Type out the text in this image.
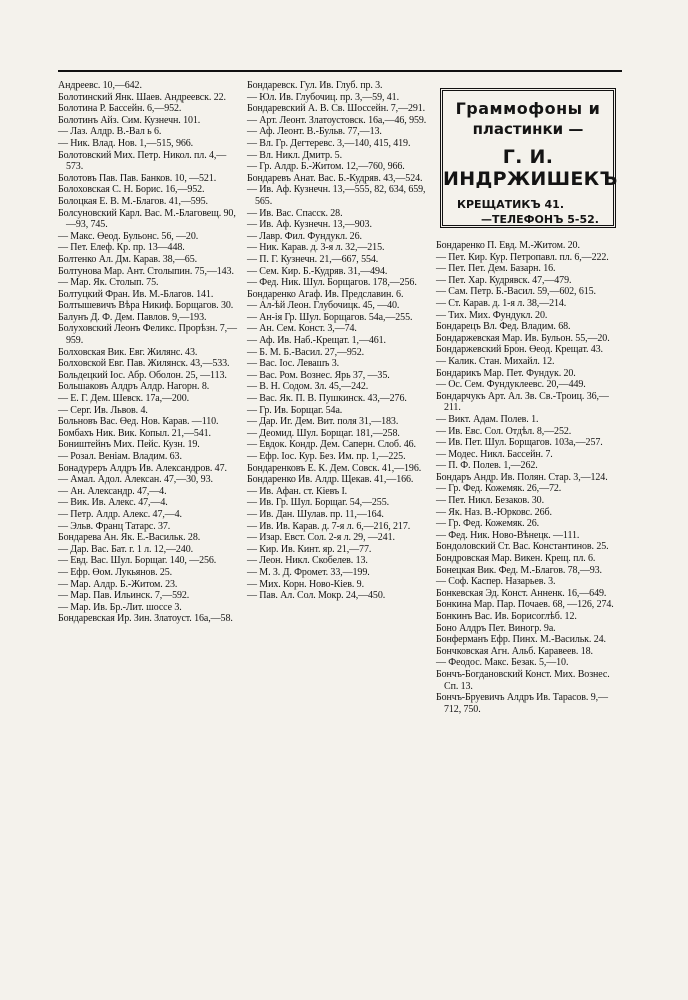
Андреевс. 10,—642.
Болотинский Янк. Шаев. Андреевск. 22.
Болотина Р. Бассейн. 6,—952.
Болотинъ Айз. Сим. Кузнечн. 101.
— Лаз. Алдр. В.-Вал ь 6.
— Ник. Влад. Нов. 1,—515, 966.
Болотовский Мих. Петр. Никол. пл. 4,—573.
Болотовъ Пав. Пав. Банков. 10, —521.
Болоховская С. Н. Борис. 16,—952.
Болоцкая Е. В. М.-Благов. 41,—595.
Болсуновский Карл. Вас. М.-Благовещ. 90,—93, 745.
— Макс. Өеод. Бульонс. 56, —20.
— Пет. Елеф. Кр. пр. 13—448.
Болтенко Ал. Дм. Карав. 38,—65.
Болтунова Мар. Ант. Столыпин. 75,—143.
— Мар. Як. Столып. 75.
Болтуцкий Фран. Ив. М.-Благов. 141.
Болтышевичъ Вѣра Никиф. Борщагов. 30.
Балунъ Д. Ф. Дем. Павлов. 9,—193.
Болуховский Леонъ Феликс. Прорѣзн. 7,—959.
Болховская Вик. Евг. Жилянс. 43.
Болховской Евг. Пав. Жилянск. 43,—533.
Больдецкий Іос. Абр. Оболон. 25, —113.
Большаковъ Алдръ Алдр. Нагорн. 8.
— Е. Г. Дем. Шевск. 17а,—200.
— Серг. Ив. Львов. 4.
Больновъ Вас. Өед. Нов. Карав. —110.
Бомбахъ Ник. Вик. Копыл. 21,—541.
Боништейнъ Мих. Пейс. Кузн. 19.
— Розал. Веніам. Владим. 63.
Бонадуреръ Алдръ Ив. Александров. 47.
— Амал. Адол. Алексан. 47,—30, 93.
— Ан. Александр. 47,—4.
— Вик. Ив. Алекс. 47,—4.
— Петр. Алдр. Алекс. 47,—4.
— Эльв. Франц Татарс. 37.
Бондарева Ан. Як. Е.-Васильк. 28.
— Дар. Вас. Бат. г. 1 л. 12,—240.
— Евд. Вас. Шул. Борщаг. 140, —256.
— Ефр. Өом. Лукьянов. 25.
— Мар. Алдр. Б.-Житом. 23.
— Мар. Пав. Ильинск. 7,—592.
— Мар. Ив. Бр.-Лит. шоссе 3.
Бондаревская Ир. Зин. Златоуст. 16а,—58.
Бондаревск. Гул. Ив. Глуб. пр. 3.
— Юл. Ив. Глубочиц. пр. 3,—59, 41.
Бондаревский А. В. Св. Шоссейн. 7,—291.
— Арт. Леонт. Златоустовск. 16а,—46, 959.
— Аф. Леонт. В.-Бульв. 77,—13.
— Вл. Гр. Дегтеревс. 3,—140, 415, 419.
— Вл. Никл. Дмитр. 5.
— Гр. Алдр. Б.-Житом. 12,—760, 966.
Бондаревъ Анат. Вас. Б.-Кудряв. 43,—524.
— Ив. Аф. Кузнечн. 13,—555, 82, 634, 659, 565.
— Ив. Вас. Спасск. 28.
— Ив. Аф. Кузнечн. 13,—903.
— Лавр. Фил. Фундукл. 26.
— Ник. Карав. д. 3-я л. 32,—215.
— П. Г. Кузнечн. 21,—667, 554.
— Сем. Кир. Б.-Кудряв. 31,—494.
— Фед. Ник. Шул. Борщагов. 178,—256.
Бондаренко Агаф. Ив. Предславин. 6.
— Ал-ѣй Леон. Глубочицк. 45, —40.
— Ан-ія Гр. Шул. Борщагов. 54а,—255.
— Ан. Сем. Конст. 3,—74.
— Аф. Ив. Наб.-Крещат. 1,—461.
— Б. М. Б.-Васил. 27,—952.
— Вас. Іос. Левашъ 3.
— Вас. Ром. Вознес. Ярь 37, —35.
— В. Н. Содом. Зл. 45,—242.
— Вас. Як. П. В. Пушкинск. 43,—276.
— Гр. Ив. Борщаг. 54а.
— Дар. Иг. Дем. Вит. поля 31,—183.
— Деомид. Шул. Борщаг. 181,—258.
— Евдок. Кондр. Дем. Саперн. Слоб. 46.
— Ефр. Іос. Кур. Без. Им. пр. 1,—225.
Бондаренковъ Е. К. Дем. Совск. 41,—196.
Бондаренко Ив. Алдр. Щекав. 41,—166.
— Ив. Афан. ст. Кіевъ I.
— Ив. Гр. Шул. Борщаг. 54,—255.
— Ив. Дан. Шулав. пр. 11,—164.
— Ив. Ив. Карав. д. 7-я л. 6,—216, 217.
— Изар. Евст. Сол. 2-я л. 29, —241.
— Кир. Ив. Кинт. яр. 21,—77.
— Леон. Никл. Скобелев. 13.
— М. З. Д. Фромет. 33,—199.
— Мих. Корн. Ново-Кіев. 9.
— Пав. Ал. Сол. Мокр. 24,—450.
Граммофоны и
пластинки —
Г. И. ИНДРЖИШЕКЪ
КРЕЩАТИКЪ 41.
—ТЕЛЕФОНЪ 5-52.
Бондаренко П. Евд. М.-Житом. 20.
— Пет. Кир. Кур. Петропавл. пл. 6,—222.
— Пет. Пет. Дем. Базарн. 16.
— Пет. Хар. Кудрявск. 47,—479.
— Сам. Петр. Б.-Васил. 59,—602, 615.
— Ст. Карав. д. 1-я л. 38,—214.
— Тих. Мих. Фундукл. 20.
Бондарецъ Вл. Фед. Владим. 68.
Бондаржевская Мар. Ив. Бульон. 55,—20.
Бондаржевский Брон. Өеод. Крещат. 43.
— Калик. Стан. Михайл. 12.
Бондарикъ Мар. Пет. Фундук. 20.
— Ос. Сем. Фундуклеевс. 20,—449.
Бондарчукъ Арт. Ал. Зв. Св.-Троиц. 36,—211.
— Викт. Адам. Полев. 1.
— Ив. Евс. Сол. Отдѣл. 8,—252.
— Ив. Пет. Шул. Борщагов. 103а,—257.
— Модес. Никл. Бассейн. 7.
— П. Ф. Полев. 1,—262.
Бондаръ Андр. Ив. Полян. Стар. 3,—124.
— Гр. Фед. Кожемяк. 26,—72.
— Пет. Никл. Безаков. 30.
— Як. Наз. В.-Юрковс. 26б.
— Гр. Фед. Кожемяк. 26.
— Фед. Ник. Ново-Вѣнецк. —111.
Бондоловский Ст. Вас. Константинов. 25.
Бондровская Мар. Викен. Крещ. пл. 6.
Бонецкая Вик. Фед. М.-Благов. 78,—93.
— Соф. Каспер. Назарьев. 3.
Бонкевская Эд. Конст. Анненк. 16,—649.
Бонкина Мар. Пар. Почаев. 68, —126, 274.
Бонкинъ Вас. Ив. Борисоглѣб. 12.
Боно Алдръ Пет. Виногр. 9а.
Бонферманъ Ефр. Пинх. М.-Васильк. 24.
Бончковская Агн. Альб. Каравеев. 18.
— Феодос. Макс. Безак. 5,—10.
Бончъ-Богдановский Конст. Мих. Вознес. Сп. 13.
Бончъ-Бруевичъ Алдръ Ив. Тарасов. 9,—712, 750.
